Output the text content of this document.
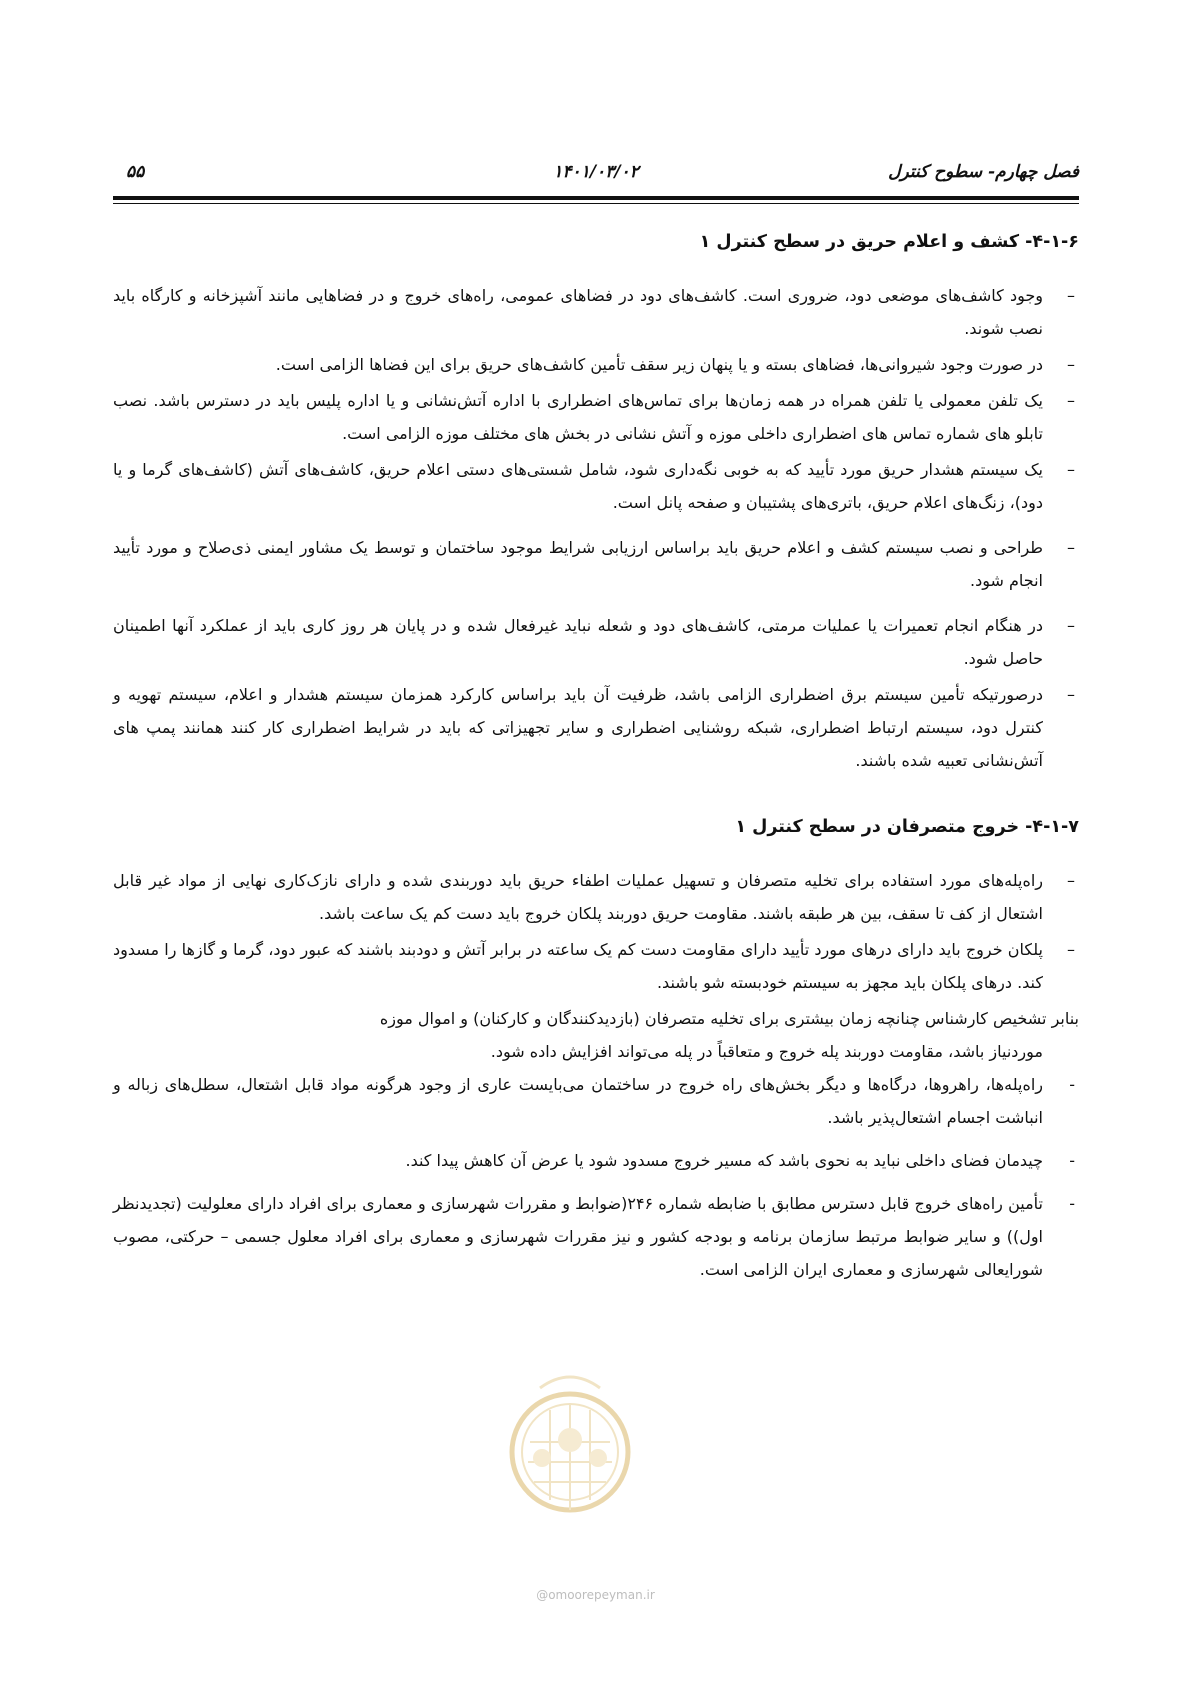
فصل چهارم- سطوح کنترل
۱۴۰۱/۰۳/۰۲
۵۵
۴-۱-۶- کشف و اعلام حریق در سطح کنترل ۱
–
وجود کاشف‌های موضعی دود، ضروری است. کاشف‌های دود در فضاهای عمومی، راه‌های خروج و در فضاهایی مانند آشپزخانه و کارگاه باید نصب شوند.
–
در صورت وجود شیروانی‌ها، فضاهای بسته و یا پنهان زیر سقف تأمین کاشف‌های حریق برای این فضاها الزامی است.
–
یک تلفن معمولی یا تلفن همراه در همه زمان‌ها برای تماس‌های اضطراری با اداره آتش‌نشانی و یا اداره پلیس باید در دسترس باشد. نصب تابلو های شماره تماس های اضطراری داخلی موزه و آتش نشانی در بخش های مختلف موزه الزامی است.
–
یک سیستم هشدار حریق مورد تأیید که به خوبی نگه‌داری شود، شامل شستی‌های دستی اعلام حریق، کاشف‌های آتش (کاشف‌های گرما و یا دود)، زنگ‌های اعلام حریق، باتری‌های پشتیبان و صفحه پانل است.
–
طراحی و نصب سیستم کشف و اعلام حریق باید براساس ارزیابی شرایط موجود ساختمان و توسط یک مشاور ایمنی ذی‌صلاح و مورد تأیید انجام شود.
–
در هنگام انجام تعمیرات یا عملیات مرمتی، کاشف‌های دود و شعله نباید غیرفعال شده و در پایان هر روز کاری باید از عملکرد آنها اطمینان حاصل شود.
–
درصورتیکه تأمین سیستم برق اضطراری الزامی باشد، ظرفیت آن باید براساس کارکرد همزمان سیستم هشدار و اعلام، سیستم تهویه و کنترل دود، سیستم ارتباط اضطراری، شبکه روشنایی اضطراری و سایر تجهیزاتی که باید در شرایط اضطراری کار کنند همانند پمپ های آتش‌نشانی تعبیه شده باشند.
۴-۱-۷- خروج متصرفان در سطح کنترل ۱
–
راه‌پله‌های مورد استفاده برای تخلیه متصرفان و تسهیل عملیات اطفاء حریق باید دوربندی شده و دارای نازک‌کاری نهایی از مواد غیر قابل اشتعال از کف تا سقف، بین هر طبقه باشند. مقاومت حریق دوربند پلکان خروج باید دست کم یک ساعت باشد.
–
پلکان خروج باید دارای درهای مورد تأیید دارای مقاومت دست کم یک ساعته در برابر آتش و دودبند باشند که عبور دود، گرما و گازها را مسدود کند. درهای پلکان باید مجهز به سیستم خودبسته شو باشند.
بنابر تشخیص کارشناس چنانچه زمان بیشتری برای تخلیه متصرفان (بازدیدکنندگان و کارکنان) و اموال موزه
موردنیاز باشد، مقاومت دوربند پله خروج و متعاقباً در پله می‌تواند افزایش داده شود.
-
راه‌پله‌ها، راهروها، درگاه‌ها و دیگر بخش‌های راه خروج در ساختمان می‌بایست عاری از وجود هرگونه مواد قابل اشتعال، سطل‌های زباله و انباشت اجسام اشتعال‌پذیر باشد.
-
چیدمان فضای داخلی نباید به نحوی باشد که مسیر خروج مسدود شود یا عرض آن کاهش پیدا کند.
-
تأمین راه‌های خروج قابل دسترس مطابق با ضابطه شماره ۲۴۶(ضوابط و مقررات شهرسازی و معماری برای افراد دارای معلولیت (تجدیدنظر اول)) و سایر ضوابط مرتبط سازمان برنامه و بودجه کشور و نیز مقررات شهرسازی و معماری برای افراد معلول جسمی – حرکتی، مصوب شورایعالی شهرسازی و معماری ایران الزامی است.
@omoorepeyman.ir
